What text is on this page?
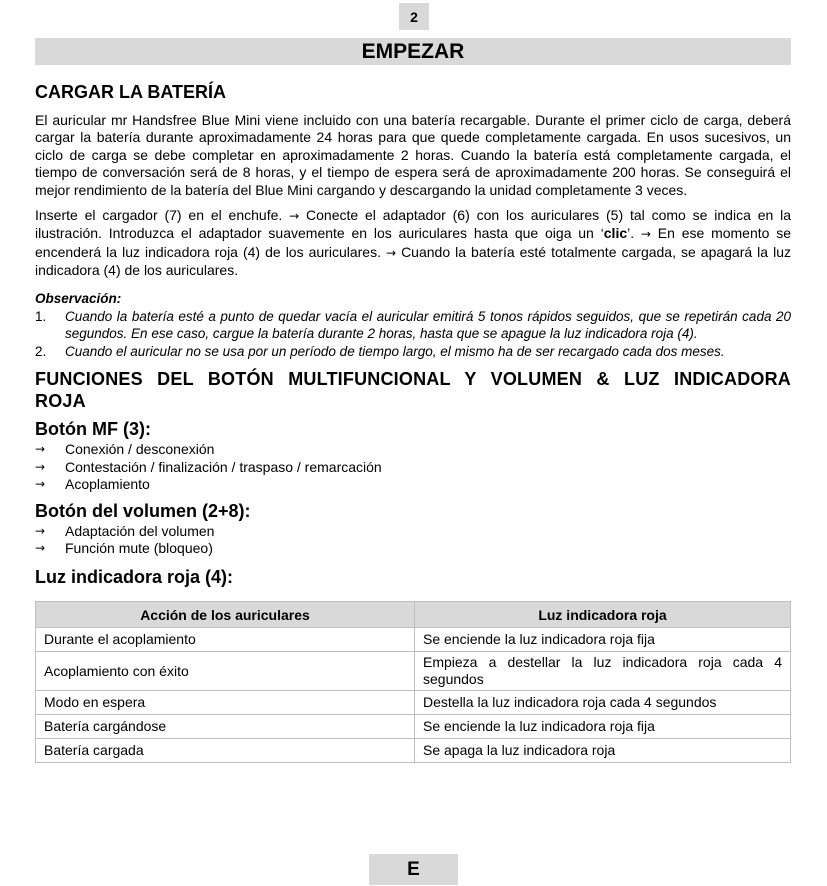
2
EMPEZAR
CARGAR LA BATERÍA

El auricular mr Handsfree Blue Mini viene incluido con una batería recargable. Durante el primer ciclo de carga, deberá cargar la batería durante aproximadamente 24 horas para que quede completamente cargada. En usos sucesivos, un ciclo de carga se debe completar en aproximadamente 2 horas. Cuando la batería está completamente cargada, el tiempo de conversación será de 8 horas, y el tiempo de espera será de aproximadamente 200 horas. Se conseguirá el mejor rendimiento de la batería del Blue Mini cargando y descargando la unidad completamente 3 veces.

Inserte el cargador (7) en el enchufe. → Conecte el adaptador (6) con los auriculares (5) tal como se indica en la ilustración. Introduzca el adaptador suavemente en los auriculares hasta que oiga un ‘clic’. → En ese momento se encenderá la luz indicadora roja (4) de los auriculares. → Cuando la batería esté totalmente cargada, se apagará la luz indicadora (4) de los auriculares.

Observación:
1. Cuando la batería esté a punto de quedar vacía el auricular emitirá 5 tonos rápidos seguidos, que se repetirán cada 20 segundos. En ese caso, cargue la batería durante 2 horas, hasta que se apague la luz indicadora roja (4).
2. Cuando el auricular no se usa por un período de tiempo largo, el mismo ha de ser recargado cada dos meses.
FUNCIONES DEL BOTÓN MULTIFUNCIONAL Y VOLUMEN & LUZ INDICADORA ROJA
Botón MF (3):
→ Conexión / desconexión
→ Contestación / finalización / traspaso / remarcación
→ Acoplamiento
Botón del volumen (2+8):
→ Adaptación del volumen
→ Función mute (bloqueo)
Luz indicadora roja (4):
Acción de los auriculares	Luz indicadora roja
Durante el acoplamiento	Se enciende la luz indicadora roja fija
Acoplamiento con éxito	Empieza a destellar la luz indicadora roja cada 4 segundos
Modo en espera	Destella la luz indicadora roja cada 4 segundos
Batería cargándose	Se enciende la luz indicadora roja fija
Batería cargada	Se apaga la luz indicadora roja
E
